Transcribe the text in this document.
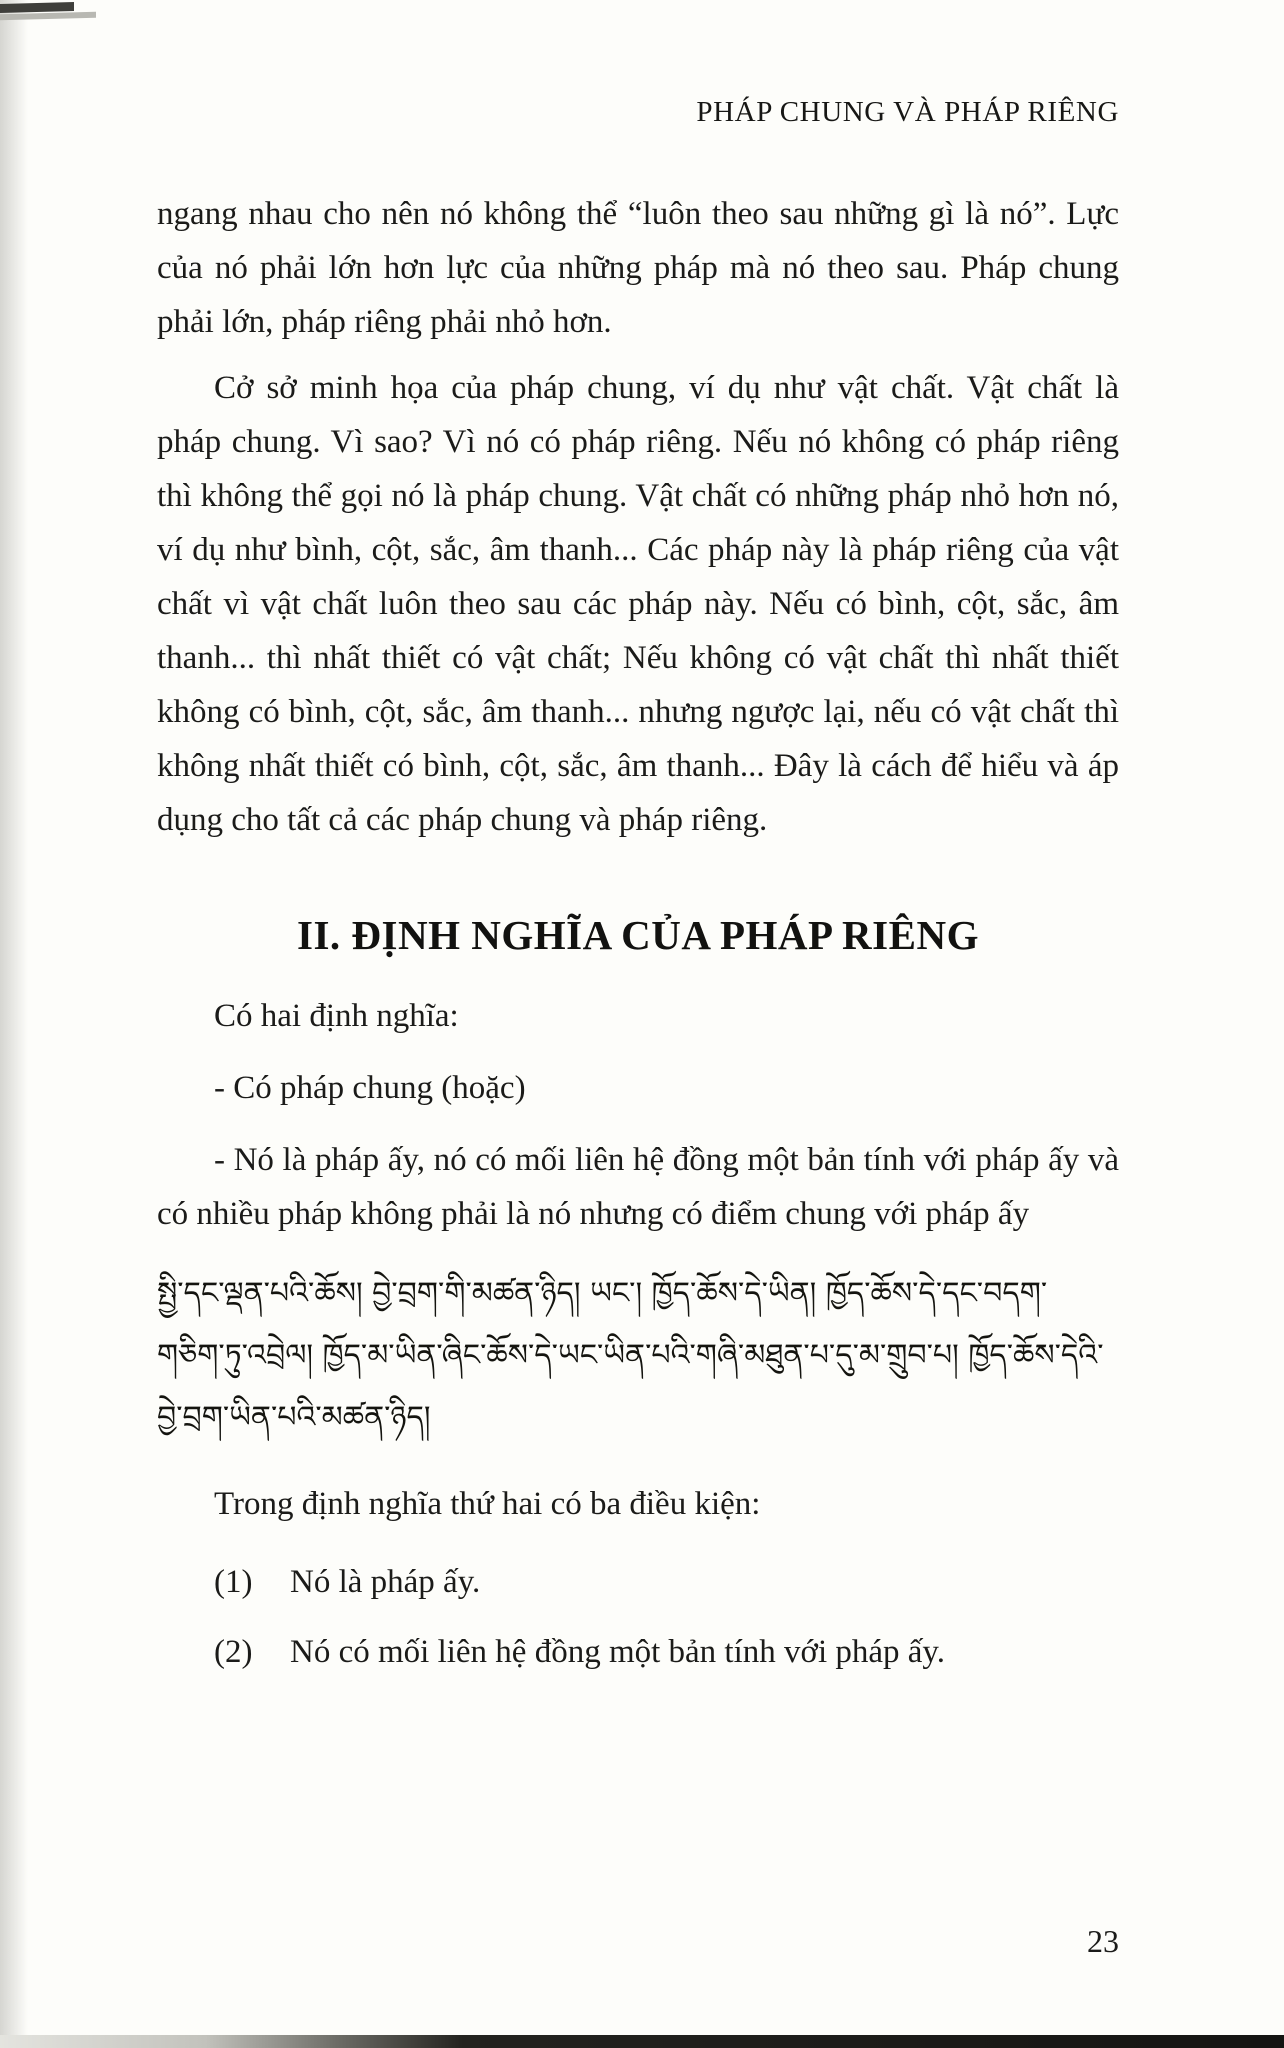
PHÁP CHUNG VÀ PHÁP RIÊNG

ngang nhau cho nên nó không thể “luôn theo sau những gì là nó”. Lực của nó phải lớn hơn lực của những pháp mà nó theo sau. Pháp chung phải lớn, pháp riêng phải nhỏ hơn.

Cở sở minh họa của pháp chung, ví dụ như vật chất. Vật chất là pháp chung. Vì sao? Vì nó có pháp riêng. Nếu nó không có pháp riêng thì không thể gọi nó là pháp chung. Vật chất có những pháp nhỏ hơn nó, ví dụ như bình, cột, sắc, âm thanh... Các pháp này là pháp riêng của vật chất vì vật chất luôn theo sau các pháp này. Nếu có bình, cột, sắc, âm thanh... thì nhất thiết có vật chất; Nếu không có vật chất thì nhất thiết không có bình, cột, sắc, âm thanh... nhưng ngược lại, nếu có vật chất thì không nhất thiết có bình, cột, sắc, âm thanh... Đây là cách để hiểu và áp dụng cho tất cả các pháp chung và pháp riêng.

II. ĐỊNH NGHĨA CỦA PHÁP RIÊNG
Có hai định nghĩa:
- Có pháp chung (hoặc)
- Nó là pháp ấy, nó có mối liên hệ đồng một bản tính với pháp ấy và có nhiều pháp không phải là nó nhưng có điểm chung với pháp ấy
སྤྱི་དང་ལྡན་པའི་ཆོས། བྱེ་བྲག་གི་མཚན་ཉིད། ཡང་། ཁྱོད་ཆོས་དེ་ཡིན། ཁྱོད་ཆོས་དེ་དང་བདག་
གཅིག་ཏུ་འབྲེལ། ཁྱོད་མ་ཡིན་ཞིང་ཆོས་དེ་ཡང་ཡིན་པའི་གཞི་མཐུན་པ་དུ་མ་གྲུབ་པ། ཁྱོད་ཆོས་དེའི་
བྱེ་བྲག་ཡིན་པའི་མཚན་ཉིད།
Trong định nghĩa thứ hai có ba điều kiện:
(1)	Nó là pháp ấy.
(2)	Nó có mối liên hệ đồng một bản tính với pháp ấy.
23
